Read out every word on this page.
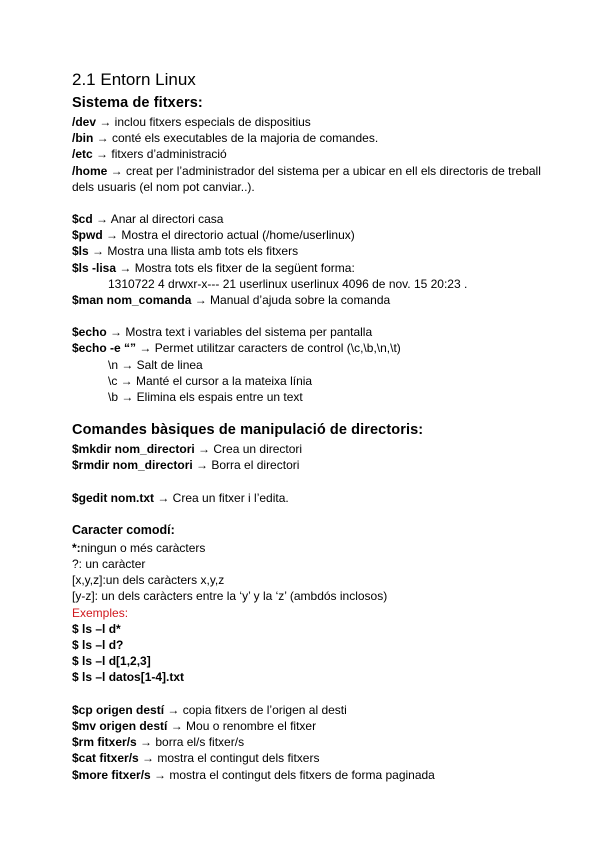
2.1 Entorn Linux
Sistema de fitxers:
/dev → inclou fitxers especials de dispositius
/bin → conté els executables de la majoria de comandes.
/etc → fitxers d’administració
/home → creat per l’administrador del sistema per a ubicar en ell els directoris de treball dels usuaris (el nom pot canviar..).
$cd → Anar al directori casa
$pwd → Mostra el directorio actual (/home/userlinux)
$ls → Mostra una llista amb tots els fitxers
$ls -lisa → Mostra tots els fitxer de la següent forma:
1310722 4 drwxr-x--- 21 userlinux userlinux 4096 de nov. 15 20:23 .
$man nom_comanda → Manual d’ajuda sobre la comanda
$echo → Mostra text i variables del sistema per pantalla
$echo -e “” → Permet utilitzar caracters de control (\c,\b,\n,\t)
\n → Salt de linea
\c → Manté el cursor a la mateixa línia
\b → Elimina els espais entre un text
Comandes bàsiques de manipulació de directoris:
$mkdir nom_directori → Crea un directori
$rmdir nom_directori → Borra el directori
$gedit nom.txt → Crea un fitxer i l’edita.
Caracter comodí:
*:ningun o més caràcters
?: un caràcter
[x,y,z]:un dels caràcters x,y,z
[y-z]: un dels caràcters entre la ‘y’ y la ‘z’ (ambdós inclosos)
Exemples:
$ ls –l d*
$ ls –l d?
$ ls –l d[1,2,3]
$ ls –l datos[1-4].txt
$cp origen destí → copia fitxers de l’origen al desti
$mv origen destí → Mou o renombre el fitxer
$rm fitxer/s → borra el/s fitxer/s
$cat fitxer/s → mostra el contingut dels fitxers
$more fitxer/s → mostra el contingut dels fitxers de forma paginada
